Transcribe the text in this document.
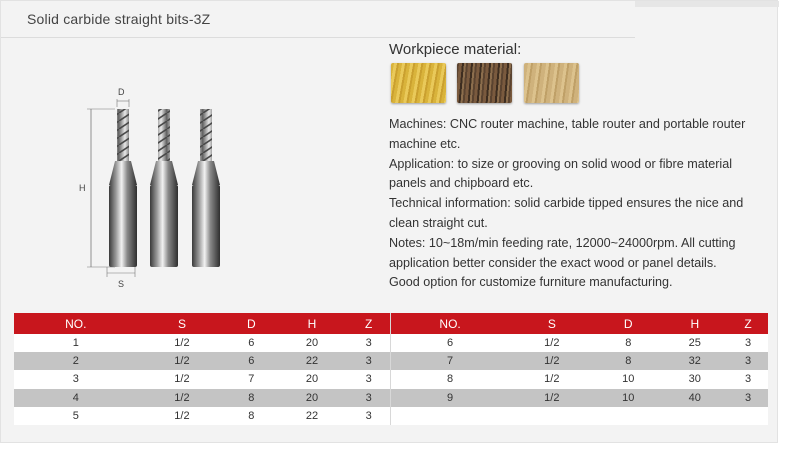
Solid carbide straight bits-3Z
D
H
S
Workpiece material:

Machines: CNC router machine, table router and portable router machine etc.

Application: to size or grooving on solid wood or fibre material panels and chipboard etc.

Technical information: solid carbide tipped ensures the nice and clean straight cut.

Notes: 10~18m/min feeding rate, 12000~24000rpm. All cutting application better consider the exact wood or panel details.

Good option for customize furniture manufacturing.

NO.	S	D	H	Z
1	1/2	6	20	3
2	1/2	6	22	3
3	1/2	7	20	3
4	1/2	8	20	3
5	1/2	8	22	3
NO.	S	D	H	Z
6	1/2	8	25	3
7	1/2	8	32	3
8	1/2	10	30	3
9	1/2	10	40	3
